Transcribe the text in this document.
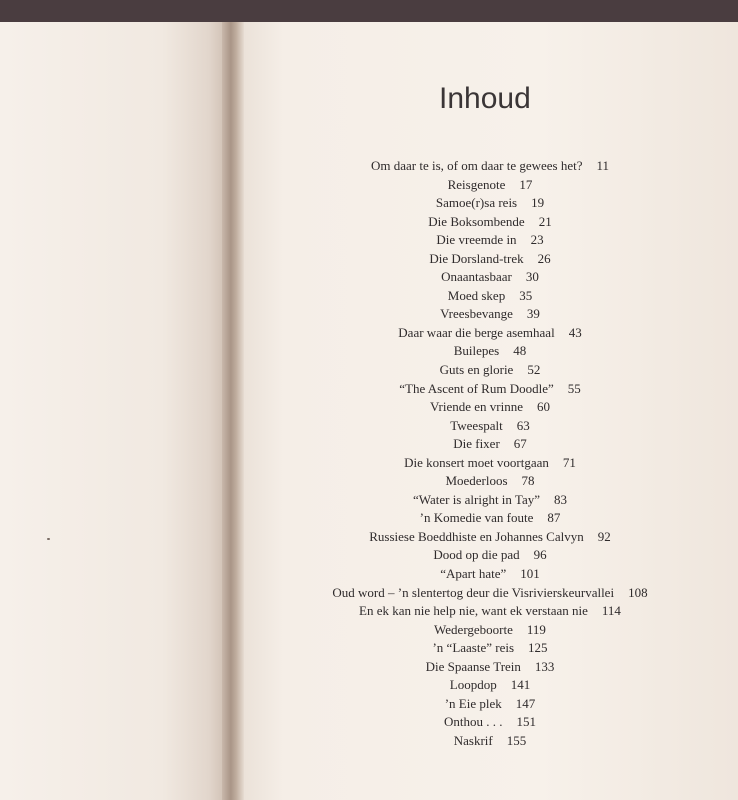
Inhoud
Om daar te is, of om daar te gewees het? 11
Reisgenote 17
Samoe(r)sa reis 19
Die Boksombende 21
Die vreemde in 23
Die Dorsland-trek 26
Onaantasbaar 30
Moed skep 35
Vreesbevange 39
Daar waar die berge asemhaal 43
Builepes 48
Guts en glorie 52
“The Ascent of Rum Doodle” 55
Vriende en vrinne 60
Tweespalt 63
Die fixer 67
Die konsert moet voortgaan 71
Moederloos 78
“Water is alright in Tay” 83
’n Komedie van foute 87
Russiese Boeddhiste en Johannes Calvyn 92
Dood op die pad 96
“Apart hate” 101
Oud word – ’n slentertog deur die Visrivierskeurvallei 108
En ek kan nie help nie, want ek verstaan nie 114
Wedergeboorte 119
’n “Laaste” reis 125
Die Spaanse Trein 133
Loopdop 141
’n Eie plek 147
Onthou . . . 151
Naskrif 155
